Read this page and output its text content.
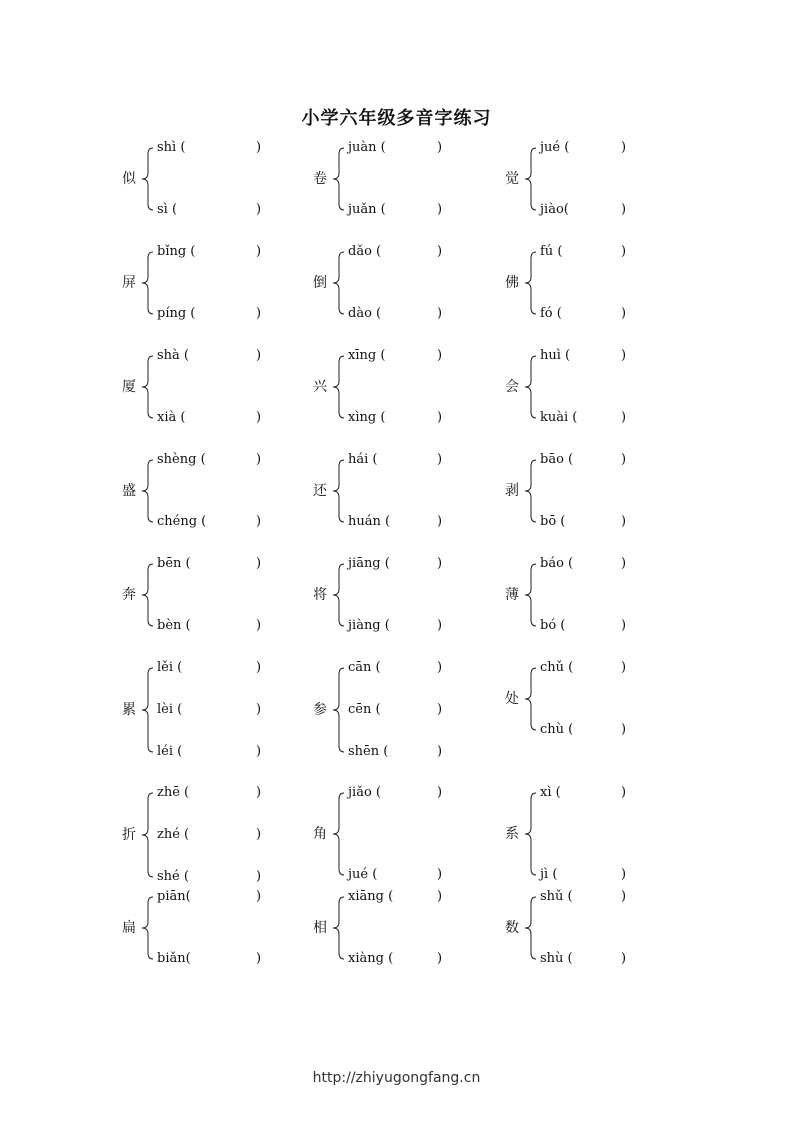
小学六年级多音字练习
似
shì (	)
sì (	)
卷
juàn (	)
juǎn (	)
觉
jué (	)
jiào(	)
屏
bǐng (	)
píng (	)
倒
dǎo (	)
dào (	)
佛
fú (	)
fó (	)
厦
shà (	)
xià (	)
兴
xīng (	)
xìng (	)
会
huì (	)
kuài (	)
盛
shèng (	)
chéng (	)
还
hái (	)
huán (	)
剥
bāo (	)
bō (	)
奔
bēn (	)
bèn (	)
将
jiāng (	)
jiàng (	)
薄
báo (	)
bó (	)
累
lěi (	)
lèi (	)
léi (	)
参
cān (	)
cēn (	)
shēn (	)
处
chǔ (	)
chù (	)
折
zhē (	)
zhé (	)
shé (	)
角
jiǎo (	)
jué (	)
系
xì (	)
jì (	)
扁
piān(	)
biǎn(	)
相
xiāng (	)
xiàng (	)
数
shǔ (	)
shù (	)
http://zhiyugongfang.cn
